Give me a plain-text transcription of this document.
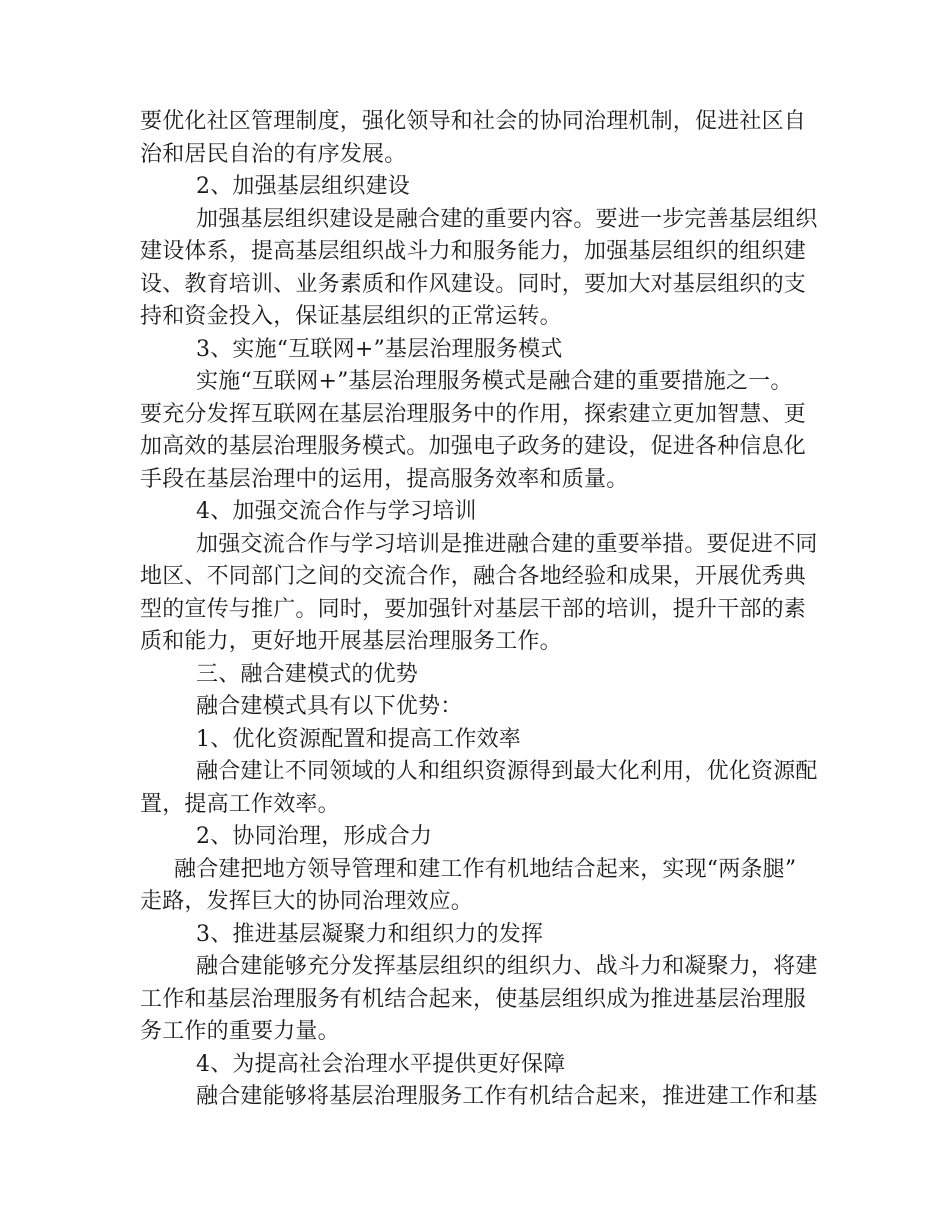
要优化社区管理制度，强化领导和社会的协同治理机制，促进社区自
治和居民自治的有序发展。
2、加强基层组织建设
加强基层组织建设是融合建的重要内容。要进一步完善基层组织
建设体系，提高基层组织战斗力和服务能力，加强基层组织的组织建
设、教育培训、业务素质和作风建设。同时，要加大对基层组织的支
持和资金投入，保证基层组织的正常运转。
3、实施“互联网+”基层治理服务模式
实施“互联网+”基层治理服务模式是融合建的重要措施之一。
要充分发挥互联网在基层治理服务中的作用，探索建立更加智慧、更
加高效的基层治理服务模式。加强电子政务的建设，促进各种信息化
手段在基层治理中的运用，提高服务效率和质量。
4、加强交流合作与学习培训
加强交流合作与学习培训是推进融合建的重要举措。要促进不同
地区、不同部门之间的交流合作，融合各地经验和成果，开展优秀典
型的宣传与推广。同时，要加强针对基层干部的培训，提升干部的素
质和能力，更好地开展基层治理服务工作。
三、融合建模式的优势
融合建模式具有以下优势：
1、优化资源配置和提高工作效率
融合建让不同领域的人和组织资源得到最大化利用，优化资源配
置，提高工作效率。
2、协同治理，形成合力
融合建把地方领导管理和建工作有机地结合起来，实现“两条腿”
走路，发挥巨大的协同治理效应。
3、推进基层凝聚力和组织力的发挥
融合建能够充分发挥基层组织的组织力、战斗力和凝聚力，将建
工作和基层治理服务有机结合起来，使基层组织成为推进基层治理服
务工作的重要力量。
4、为提高社会治理水平提供更好保障
融合建能够将基层治理服务工作有机结合起来，推进建工作和基
